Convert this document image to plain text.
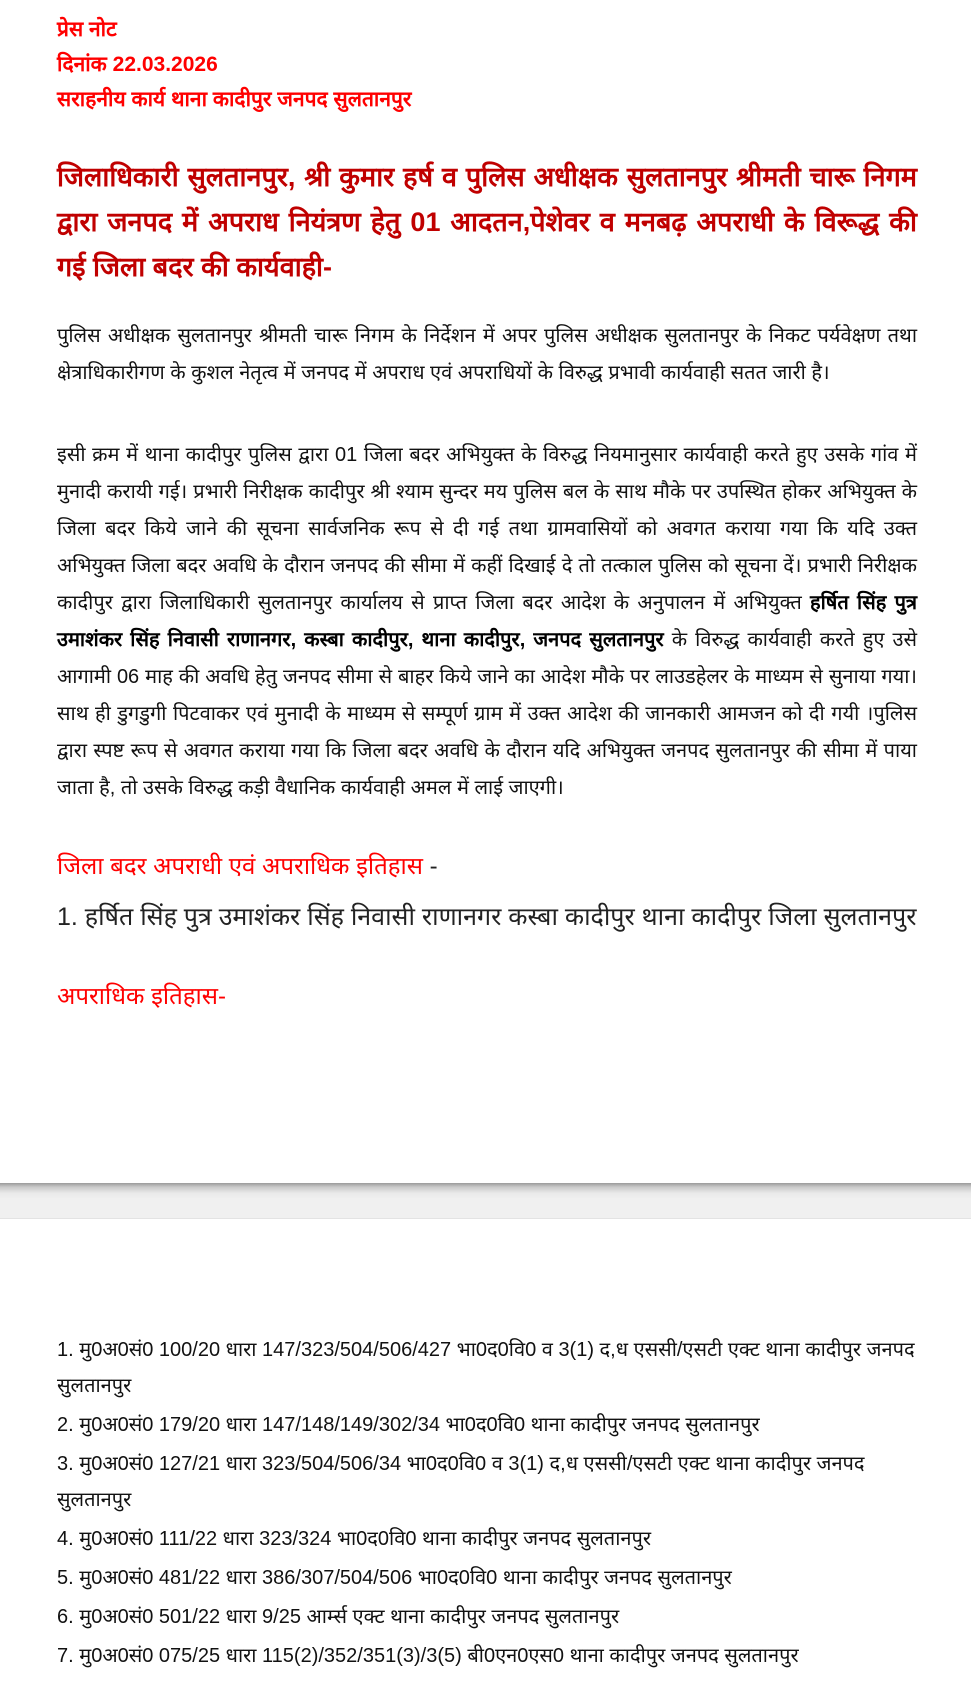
प्रेस नोट
दिनांक 22.03.2026
सराहनीय कार्य थाना कादीपुर जनपद सुलतानपुर
जिलाधिकारी सुलतानपुर, श्री कुमार हर्ष व पुलिस अधीक्षक सुलतानपुर श्रीमती चारू निगम द्वारा जनपद में अपराध नियंत्रण हेतु 01 आदतन,पेशेवर व मनबढ़ अपराधी के विरूद्ध की गई जिला बदर की कार्यवाही-
पुलिस अधीक्षक सुलतानपुर श्रीमती चारू निगम के निर्देशन में अपर पुलिस अधीक्षक सुलतानपुर के निकट पर्यवेक्षण तथा क्षेत्राधिकारीगण के कुशल नेतृत्व में जनपद में अपराध एवं अपराधियों के विरुद्ध प्रभावी कार्यवाही सतत जारी है।
इसी क्रम में थाना कादीपुर पुलिस द्वारा 01 जिला बदर अभियुक्त के विरुद्ध नियमानुसार कार्यवाही करते हुए उसके गांव में मुनादी करायी गई। प्रभारी निरीक्षक कादीपुर श्री श्याम सुन्दर मय पुलिस बल के साथ मौके पर उपस्थित होकर अभियुक्त के जिला बदर किये जाने की सूचना सार्वजनिक रूप से दी गई तथा ग्रामवासियों को अवगत कराया गया कि यदि उक्त अभियुक्त जिला बदर अवधि के दौरान जनपद की सीमा में कहीं दिखाई दे तो तत्काल पुलिस को सूचना दें। प्रभारी निरीक्षक कादीपुर द्वारा जिलाधिकारी सुलतानपुर कार्यालय से प्राप्त जिला बदर आदेश के अनुपालन में अभियुक्त हर्षित सिंह पुत्र उमाशंकर सिंह निवासी राणानगर, कस्बा कादीपुर, थाना कादीपुर, जनपद सुलतानपुर के विरुद्ध कार्यवाही करते हुए उसे आगामी 06 माह की अवधि हेतु जनपद सीमा से बाहर किये जाने का आदेश मौके पर लाउडहेलर के माध्यम से सुनाया गया। साथ ही डुगडुगी पिटवाकर एवं मुनादी के माध्यम से सम्पूर्ण ग्राम में उक्त आदेश की जानकारी आमजन को दी गयी ।पुलिस द्वारा स्पष्ट रूप से अवगत कराया गया कि जिला बदर अवधि के दौरान यदि अभियुक्त जनपद सुलतानपुर की सीमा में पाया जाता है, तो उसके विरुद्ध कड़ी वैधानिक कार्यवाही अमल में लाई जाएगी।
जिला बदर अपराधी एवं अपराधिक इतिहास -
1. हर्षित सिंह पुत्र उमाशंकर सिंह निवासी राणानगर कस्बा कादीपुर थाना कादीपुर जिला सुलतानपुर
अपराधिक इतिहास-
1. मु0अ0सं0 100/20 धारा 147/323/504/506/427 भा0द0वि0 व 3(1) द,ध एससी/एसटी एक्ट थाना कादीपुर जनपद सुलतानपुर
2. मु0अ0सं0 179/20 धारा 147/148/149/302/34 भा0द0वि0 थाना कादीपुर जनपद सुलतानपुर
3. मु0अ0सं0 127/21 धारा 323/504/506/34 भा0द0वि0 व 3(1) द,ध एससी/एसटी एक्ट थाना कादीपुर जनपद सुलतानपुर
4. मु0अ0सं0 111/22 धारा 323/324 भा0द0वि0 थाना कादीपुर जनपद सुलतानपुर
5. मु0अ0सं0 481/22 धारा 386/307/504/506 भा0द0वि0 थाना कादीपुर जनपद सुलतानपुर
6. मु0अ0सं0 501/22 धारा 9/25 आर्म्स एक्ट थाना कादीपुर जनपद सुलतानपुर
7. मु0अ0सं0 075/25 धारा 115(2)/352/351(3)/3(5) बी0एन0एस0 थाना कादीपुर जनपद सुलतानपुर
